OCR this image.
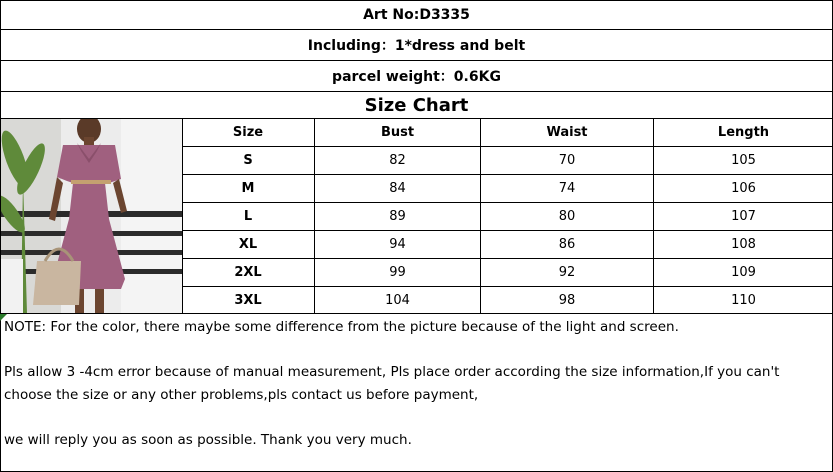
Art No:D3335
Including：1*dress and belt
parcel weight：0.6KG
Size Chart
Size	Bust	Waist	Length
S	82	70	105
M	84	74	106
L	89	80	107
XL	94	86	108
2XL	99	92	109
3XL	104	98	110

NOTE: For the color, there maybe some difference from the picture because of the light and screen.

Pls allow 3 -4cm error because of manual measurement, Pls place order according the size information,If you can't choose the size or any other problems,pls contact us before payment,

we will reply you as soon as possible. Thank you very much.
